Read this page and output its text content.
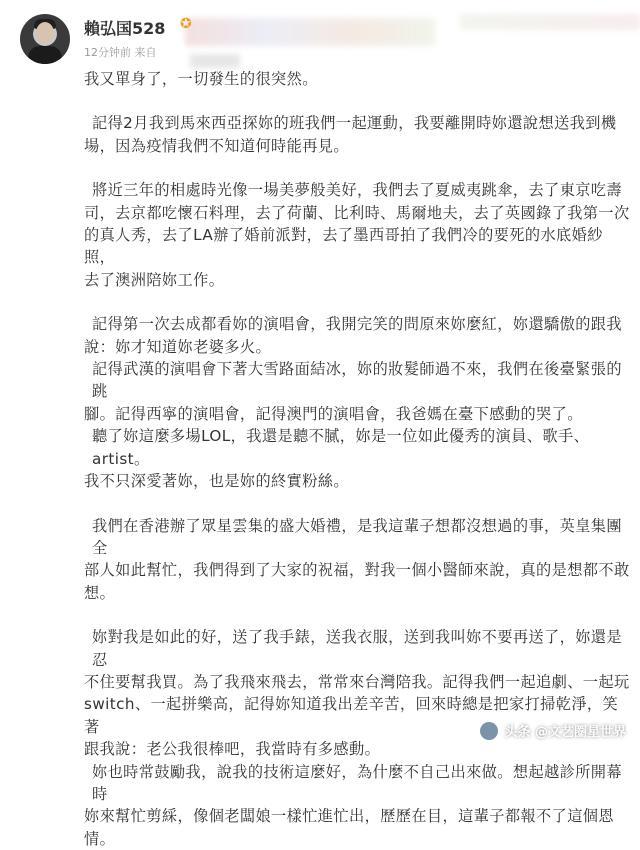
賴弘国528 ✪
12分钟前 来自

我又單身了，一切發生的很突然。

記得2月我到馬來西亞探妳的班我們一起運動，我要離開時妳還說想送我到機

場，因為疫情我們不知道何時能再見。

將近三年的相處時光像一場美夢般美好，我們去了夏威夷跳傘，去了東京吃壽

司，去京都吃懷石料理，去了荷蘭、比利時、馬爾地夫，去了英國錄了我第一次

的真人秀，去了LA辦了婚前派對，去了墨西哥拍了我們冷的要死的水底婚紗照，

去了澳洲陪妳工作。

記得第一次去成都看妳的演唱會，我開完笑的問原來妳麼紅，妳還驕傲的跟我

說：妳才知道妳老婆多火。

記得武漢的演唱會下著大雪路面結冰，妳的妝髮師過不來，我們在後臺緊張的跳

腳。記得西寧的演唱會，記得澳門的演唱會，我爸媽在臺下感動的哭了。

聽了妳這麼多場LOL，我還是聽不膩，妳是一位如此優秀的演員、歌手、artist。

我不只深愛著妳，也是妳的終實粉絲。

我們在香港辦了眾星雲集的盛大婚禮，是我這輩子想都沒想過的事，英皇集團全

部人如此幫忙，我們得到了大家的祝福，對我一個小醫師來說，真的是想都不敢

想。

妳對我是如此的好，送了我手錶，送我衣服，送到我叫妳不要再送了，妳還是忍

不住要幫我買。為了我飛來飛去，常常來台灣陪我。記得我們一起追劇、一起玩

switch、一起拼樂高，記得妳知道我出差辛苦，回來時總是把家打掃乾淨，笑著

跟我說：老公我很棒吧，我當時有多感動。

妳也時常鼓勵我，說我的技術這麼好，為什麼不自己出來做。想起越診所開幕時

妳來幫忙剪綵，像個老闆娘一樣忙進忙出，歷歷在目，這輩子都報不了這個恩

情。

头条 @文艺圈星世界
